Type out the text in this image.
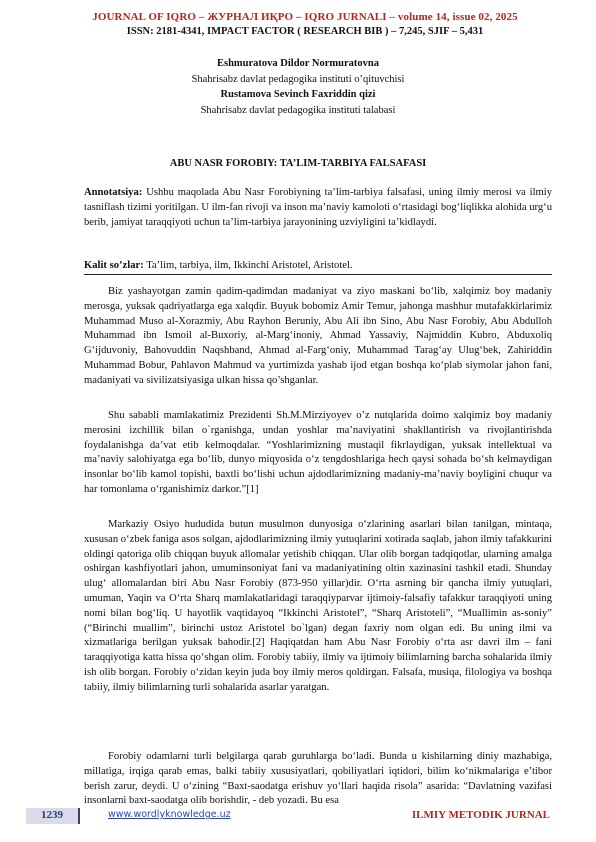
JOURNAL OF IQRO – ЖУРНАЛ ИҚРО – IQRO JURNALI – volume 14, issue 02, 2025
ISSN: 2181-4341, IMPACT FACTOR ( RESEARCH BIB ) – 7,245, SJIF – 5,431
Eshmuratova Dildor Normuratovna
Shahrisabz davlat pedagogika instituti o’qituvchisi
Rustamova Sevinch Faxriddin qizi
Shahrisabz davlat pedagogika instituti talabasi
ABU NASR FOROBIY: TA’LIM-TARBIYA FALSAFASI

Annotatsiya: Ushbu maqolada Abu Nasr Forobiyning ta’lim-tarbiya falsafasi, uning ilmiy merosi va ilmiy tasniflash tizimi yoritilgan. U ilm-fan rivoji va inson ma’naviy kamoloti o‘rtasidagi bog‘liqlikka alohida urg‘u berib, jamiyat taraqqiyoti uchun ta’lim-tarbiya jarayonining uzviyligini ta’kidlaydi.

Kalit so’zlar: Ta’lim, tarbiya, ilm, Ikkinchi Aristotel, Aristotel.

Biz yashayotgan zamin qadim-qadimdan madaniyat va ziyo maskani bo‘lib, xalqimiz boy madaniy merosga, yuksak qadriyatlarga ega xalqdir. Buyuk bobomiz Amir Temur, jahonga mashhur mutafakkirlarimiz Muhammad Muso al-Xorazmiy, Abu Rayhon Beruniy, Abu Ali ibn Sino, Abu Nasr Forobiy, Abu Abdulloh Muhammad ibn Ismoil al-Buxoriy, al-Marg‘inoniy, Ahmad Yassaviy, Najmiddin Kubro, Abduxoliq G‘ijduvoniy, Bahovuddin Naqshband, Ahmad al-Farg‘oniy, Muhammad Tarag‘ay Ulug‘bek, Zahiriddin Muhammad Bobur, Pahlavon Mahmud va yurtimizda yashab ijod etgan boshqa ko‘plab siymolar jahon fani, madaniyati va sivilizatsiyasiga ulkan hissa qo’shganlar.

Shu sababli mamlakatimiz Prezidenti Sh.M.Mirziyoyev o’z nutqlarida doimo xalqimiz boy madaniy merosini izchillik bilan o`rganishga, undan yoshlar ma’naviyatini shakllantirish va rivojlantirishda foydalanishga da’vat etib kelmoqdalar. “Yoshlarimizning mustaqil fikrlaydigan, yuksak intellektual va ma’naviy salohiyatga ega bo‘lib, dunyo miqyosida o‘z tengdoshlariga hech qaysi sohada bo‘sh kelmaydigan insonlar bo‘lib kamol topishi, baxtli bo‘lishi uchun ajdodlarimizning madaniy-ma’naviy boyligini chuqur va har tomonlama o‘rganishimiz darkor.”[1]

Markaziy Osiyo hududida butun musulmon dunyosiga o‘zlarining asarlari bilan tanilgan, mintaqa, xususan o‘zbek faniga asos solgan, ajdodlarimizning ilmiy yutuqlarini xotirada saqlab, jahon ilmiy tafakkurini oldingi qatoriga olib chiqqan buyuk allomalar yetishib chiqqan. Ular olib borgan tadqiqotlar, ularning amalga oshirgan kashfiyotlari jahon, umuminsoniyat fani va madaniyatining oltin xazinasini tashkil etadi. Shunday ulug‘ allomalardan biri Abu Nasr Forobiy (873-950 yillar)dir. O‘rta asrning bir qancha ilmiy yutuqlari, umuman, Yaqin va O‘rta Sharq mamlakatlaridagi taraqqiyparvar ijtimoiy-falsafiy tafakkur taraqqiyoti uning nomi bilan bog‘liq. U hayotlik vaqtidayoq “Ikkinchi Aristotel”, “Sharq Aristoteli”, “Muallimin as-soniy” (“Birinchi muallim”, birinchi ustoz Aristotel bo`lgan) degan faxriy nom olgan edi. Bu uning ilmi va xizmatlariga berilgan yuksak bahodir.[2] Haqiqatdan ham Abu Nasr Forobiy o‘rta asr davri ilm – fani taraqqiyotiga katta hissa qo‘shgan olim. Forobiy tabiiy, ilmiy va ijtimoiy bilimlarning barcha sohalarida ilmiy ish olib borgan. Forobiy o‘zidan keyin juda boy ilmiy meros qoldirgan. Falsafa, musiqa, filologiya va boshqa tabiiy, ilmiy bilimlarning turli sohalarida asarlar yaratgan.

Forobiy odamlarni turli belgilarga qarab guruhlarga bo‘ladi. Bunda u kishilarning diniy mazhabiga, millatiga, irqiga qarab emas, balki tabiiy xususiyatlari, qobiliyatlari iqtidori, bilim ko‘nikmalariga e’tibor berish zarur, deydi. U o‘zining “Baxt-saodatga erishuv yo‘llari haqida risola” asarida: “Davlatning vazifasi insonlarni baxt-saodatga olib borishdir, - deb yozadi. Bu esa

1239	www.wordlyknowledge.uz	ILMIY METODIK JURNAL
